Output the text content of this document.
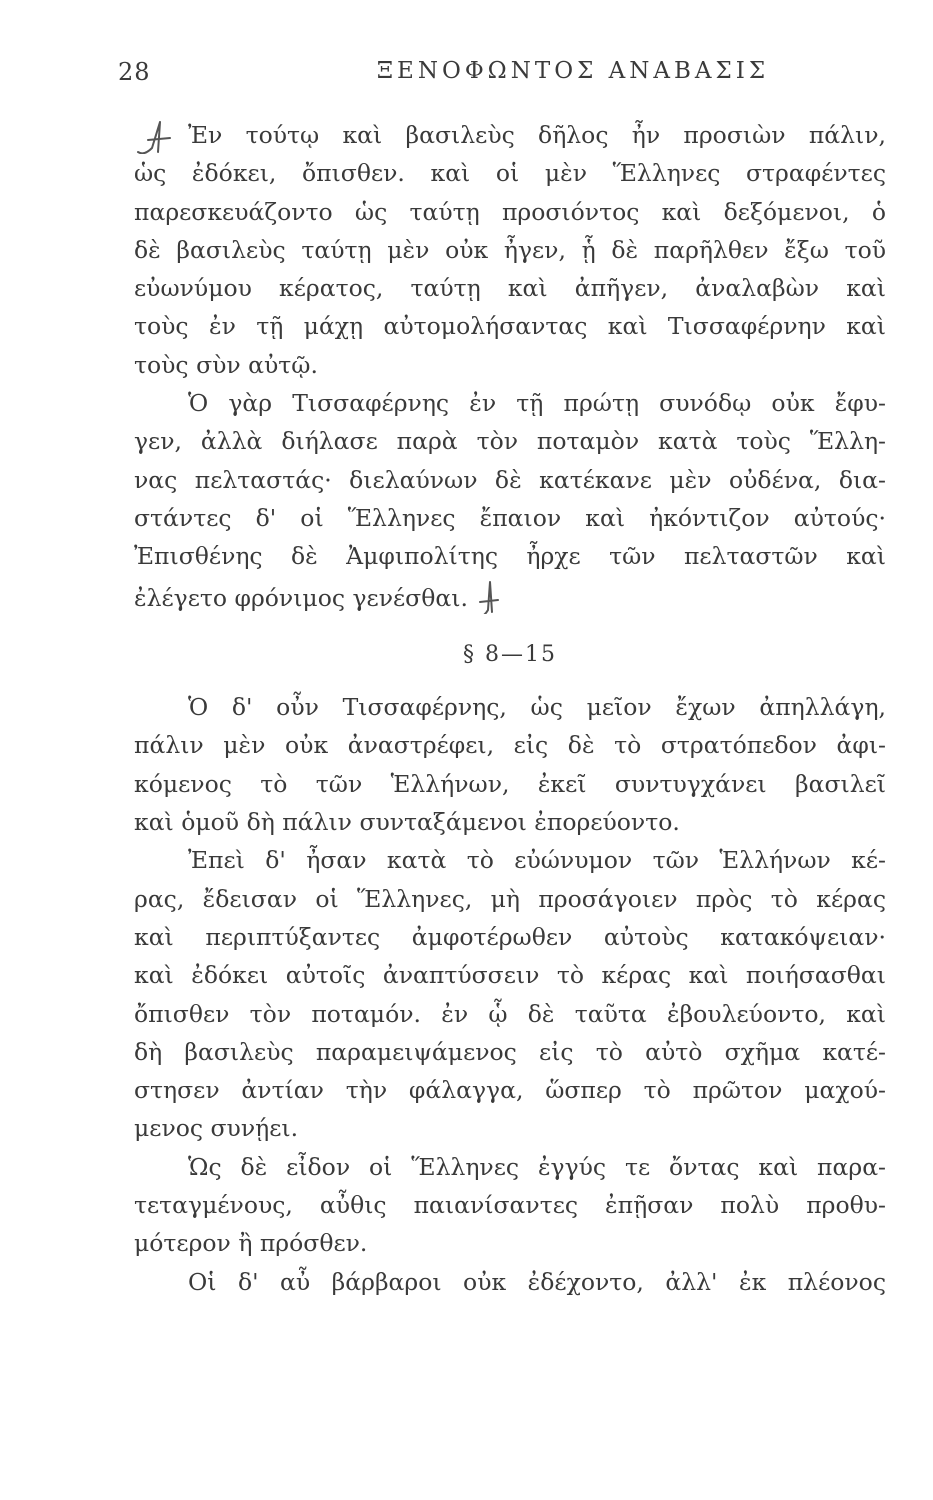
28	ΞΕΝΟΦΩΝΤΟΣ ΑΝΑΒΑΣΙΣ
Ἐν τούτῳ καὶ βασιλεὺς δῆλος ἦν προσιὼν πάλιν,
ὡς ἐδόκει, ὄπισθεν. καὶ οἱ μὲν Ἕλληνες στραφέντες
παρεσκευάζοντο ὡς ταύτῃ προσιόντος καὶ δεξόμενοι, ὁ
δὲ βασιλεὺς ταύτῃ μὲν οὐκ ἦγεν, ᾗ δὲ παρῆλθεν ἔξω τοῦ
εὐωνύμου κέρατος, ταύτῃ καὶ ἀπῆγεν, ἀναλαβὼν καὶ
τοὺς ἐν τῇ μάχῃ αὐτομολήσαντας καὶ Τισσαφέρνην καὶ
τοὺς σὺν αὐτῷ.
Ὁ γὰρ Τισσαφέρνης ἐν τῇ πρώτῃ συνόδῳ οὐκ ἔφυ-
γεν, ἀλλὰ διήλασε παρὰ τὸν ποταμὸν κατὰ τοὺς Ἕλλη-
νας πελταστάς· διελαύνων δὲ κατέκανε μὲν οὐδένα, δια-
στάντες δ' οἱ Ἕλληνες ἔπαιον καὶ ἠκόντιζον αὐτούς·
Ἐπισθένης δὲ Ἀμφιπολίτης ἦρχε τῶν πελταστῶν καὶ
ἐλέγετο φρόνιμος γενέσθαι.
§ 8—15
Ὁ δ' οὖν Τισσαφέρνης, ὡς μεῖον ἔχων ἀπηλλάγη,
πάλιν μὲν οὐκ ἀναστρέφει, εἰς δὲ τὸ στρατόπεδον ἀφι-
κόμενος τὸ τῶν Ἑλλήνων, ἐκεῖ συντυγχάνει βασιλεῖ
καὶ ὁμοῦ δὴ πάλιν συνταξάμενοι ἐπορεύοντο.
Ἐπεὶ δ' ἦσαν κατὰ τὸ εὐώνυμον τῶν Ἑλλήνων κέ-
ρας, ἔδεισαν οἱ Ἕλληνες, μὴ προσάγοιεν πρὸς τὸ κέρας
καὶ περιπτύξαντες ἀμφοτέρωθεν αὐτοὺς κατακόψειαν·
καὶ ἐδόκει αὐτοῖς ἀναπτύσσειν τὸ κέρας καὶ ποιήσασθαι
ὄπισθεν τὸν ποταμόν. ἐν ᾧ δὲ ταῦτα ἐβουλεύοντο, καὶ
δὴ βασιλεὺς παραμειψάμενος εἰς τὸ αὐτὸ σχῆμα κατέ-
στησεν ἀντίαν τὴν φάλαγγα, ὥσπερ τὸ πρῶτον μαχού-
μενος συνῄει.
Ὡς δὲ εἶδον οἱ Ἕλληνες ἐγγύς τε ὄντας καὶ παρα-
τεταγμένους, αὖθις παιανίσαντες ἐπῇσαν πολὺ προθυ-
μότερον ἢ πρόσθεν.
Οἱ δ' αὖ βάρβαροι οὐκ ἐδέχοντο, ἀλλ' ἐκ πλέονος
